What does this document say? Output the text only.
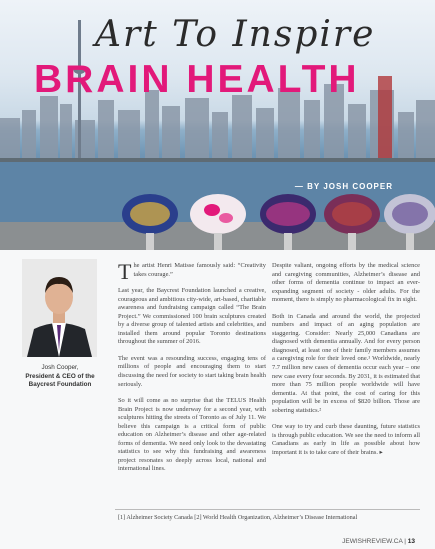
Art To Inspire
BRAIN HEALTH
— BY JOSH COOPER
Josh Cooper,
President & CEO of the
Baycrest Foundation

The artist Henri Matisse famously said: “Creativity takes courage.”

Last year, the Baycrest Foundation launched a creative, courageous and ambitious city-wide, art-based, charitable awareness and fundraising campaign called “The Brain Project.” We commissioned 100 brain sculptures created by a diverse group of talented artists and celebrities, and installed them around popular Toronto destinations throughout the summer of 2016.

The event was a resounding success, engaging tens of millions of people and encouraging them to start discussing the need for society to start taking brain health seriously.

So it will come as no surprise that the TELUS Health Brain Project is now underway for a second year, with sculptures hitting the streets of Toronto as of July 11. We believe this campaign is a critical form of public education on Alzheimer’s disease and other age-related forms of dementia. We need only look to the devastating statistics to see why this fundraising and awareness project resonates so deeply across local, national and international lines.

Despite valiant, ongoing efforts by the medical science and caregiving communities, Alzheimer’s disease and other forms of dementia continue to impact an ever-expanding segment of society - older adults. For the moment, there is simply no pharmacological fix in sight.

Both in Canada and around the world, the projected numbers and impact of an aging population are staggering. Consider: Nearly 25,000 Canadians are diagnosed with dementia annually. And for every person diagnosed, at least one of their family members assumes a caregiving role for their loved one.¹ Worldwide, nearly 7.7 million new cases of dementia occur each year – one new case every four seconds. By 2031, it is estimated that more than 75 million people worldwide will have dementia. At that point, the cost of caring for this population will be in excess of $820 billion. Those are sobering statistics.²

One way to try and curb these daunting, future statistics is through public education. We see the need to inform all Canadians as early in life as possible about how important it is to take care of their brains. ▸

[1] Alzheimer Society Canada [2] World Health Organization, Alzheimer’s Disease International
JEWISHREVIEW.CA | 13
